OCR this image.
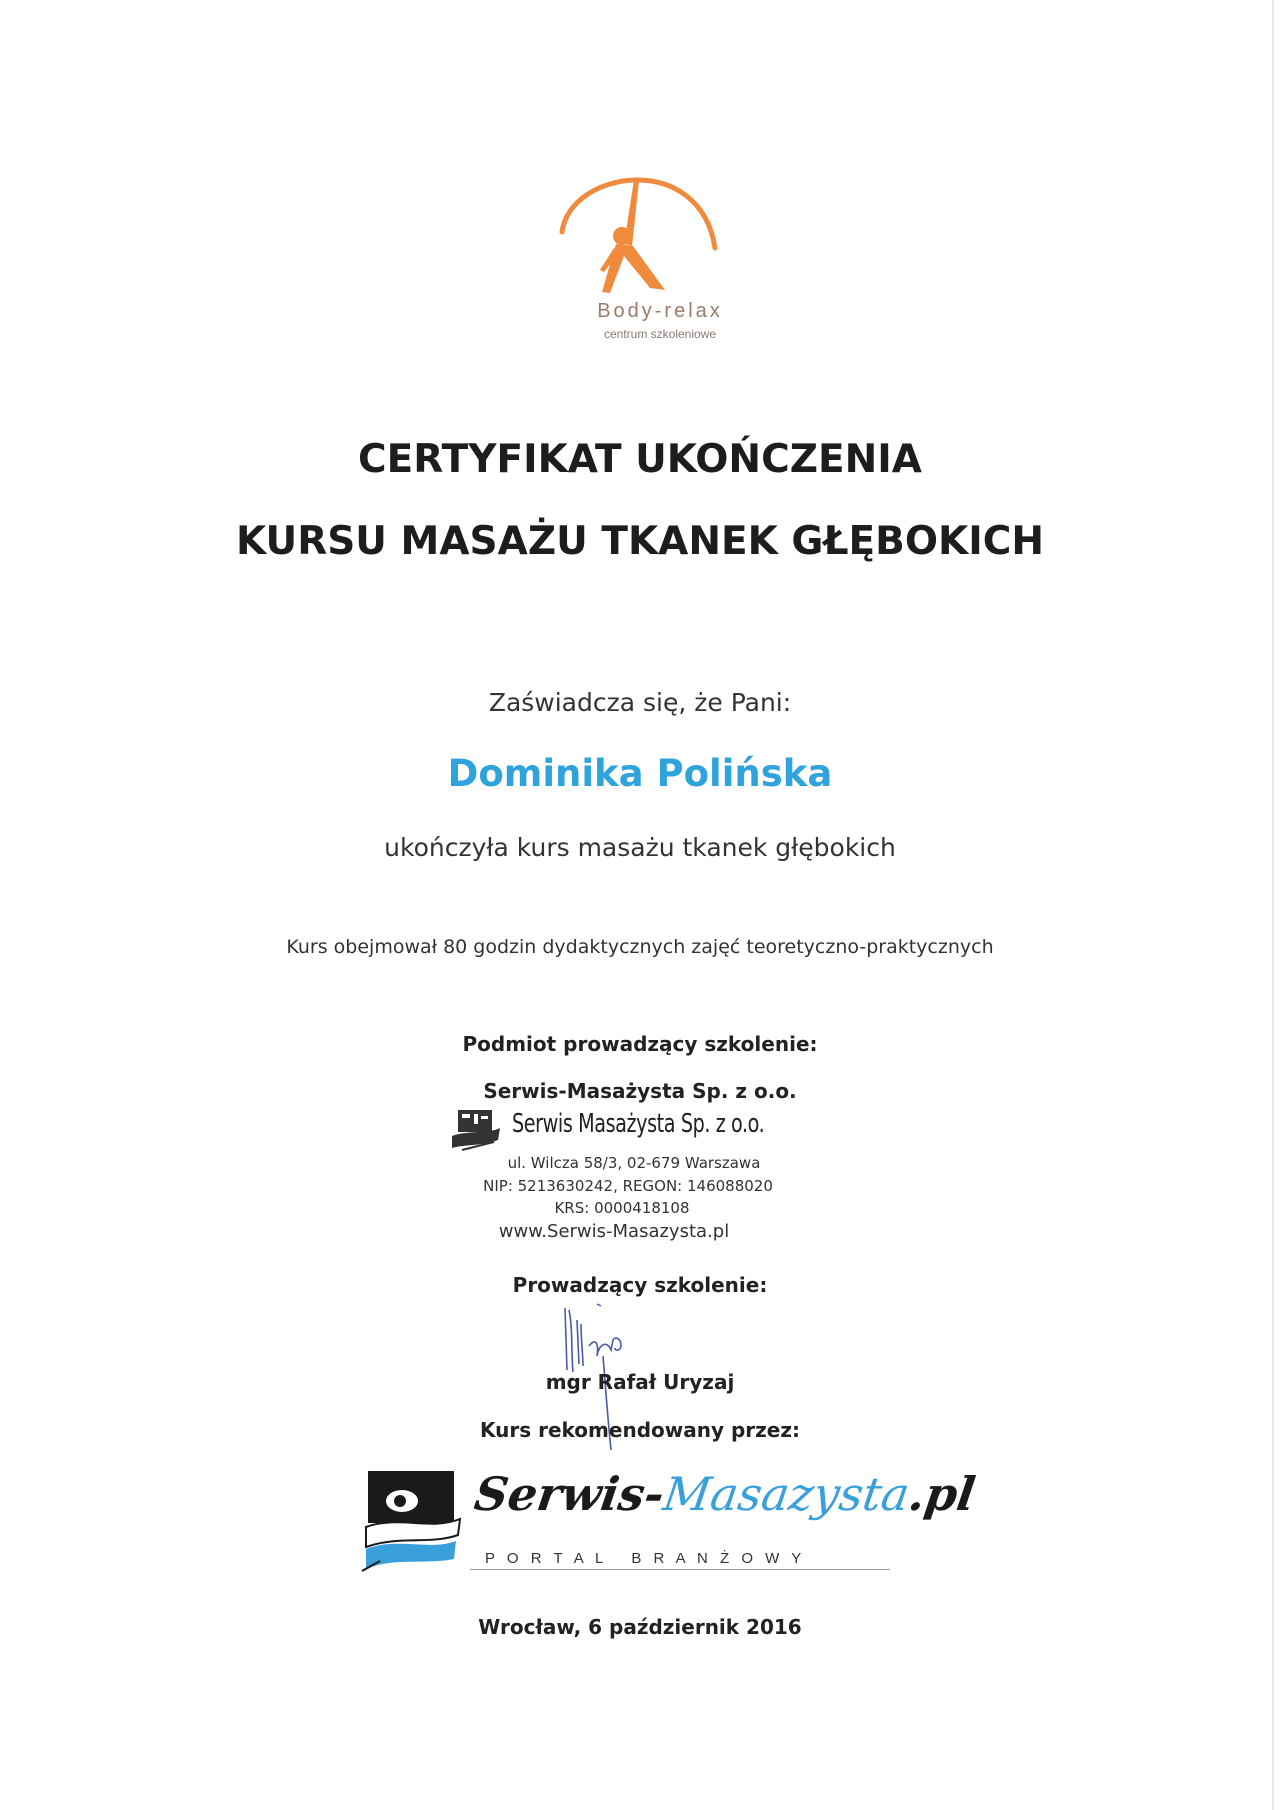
Body-relax
centrum szkoleniowe
CERTYFIKAT UKOŃCZENIA
KURSU MASAŻU TKANEK GŁĘBOKICH
Zaświadcza się, że Pani:
Dominika Polińska
ukończyła kurs masażu tkanek głębokich
Kurs obejmował 80 godzin dydaktycznych zajęć teoretyczno-praktycznych
Podmiot prowadzący szkolenie:
Serwis-Masażysta Sp. z o.o.
Serwis Masażysta Sp. z o.o.
ul. Wilcza 58/3, 02-679 Warszawa
NIP: 5213630242, REGON: 146088020
KRS: 0000418108
www.Serwis-Masazysta.pl
Prowadzący szkolenie:
mgr Rafał Uryzaj
Kurs rekomendowany przez:
Serwis-Masazysta.pl
P O R T A L   B R A N Ż O W Y
Wrocław, 6 październik 2016
